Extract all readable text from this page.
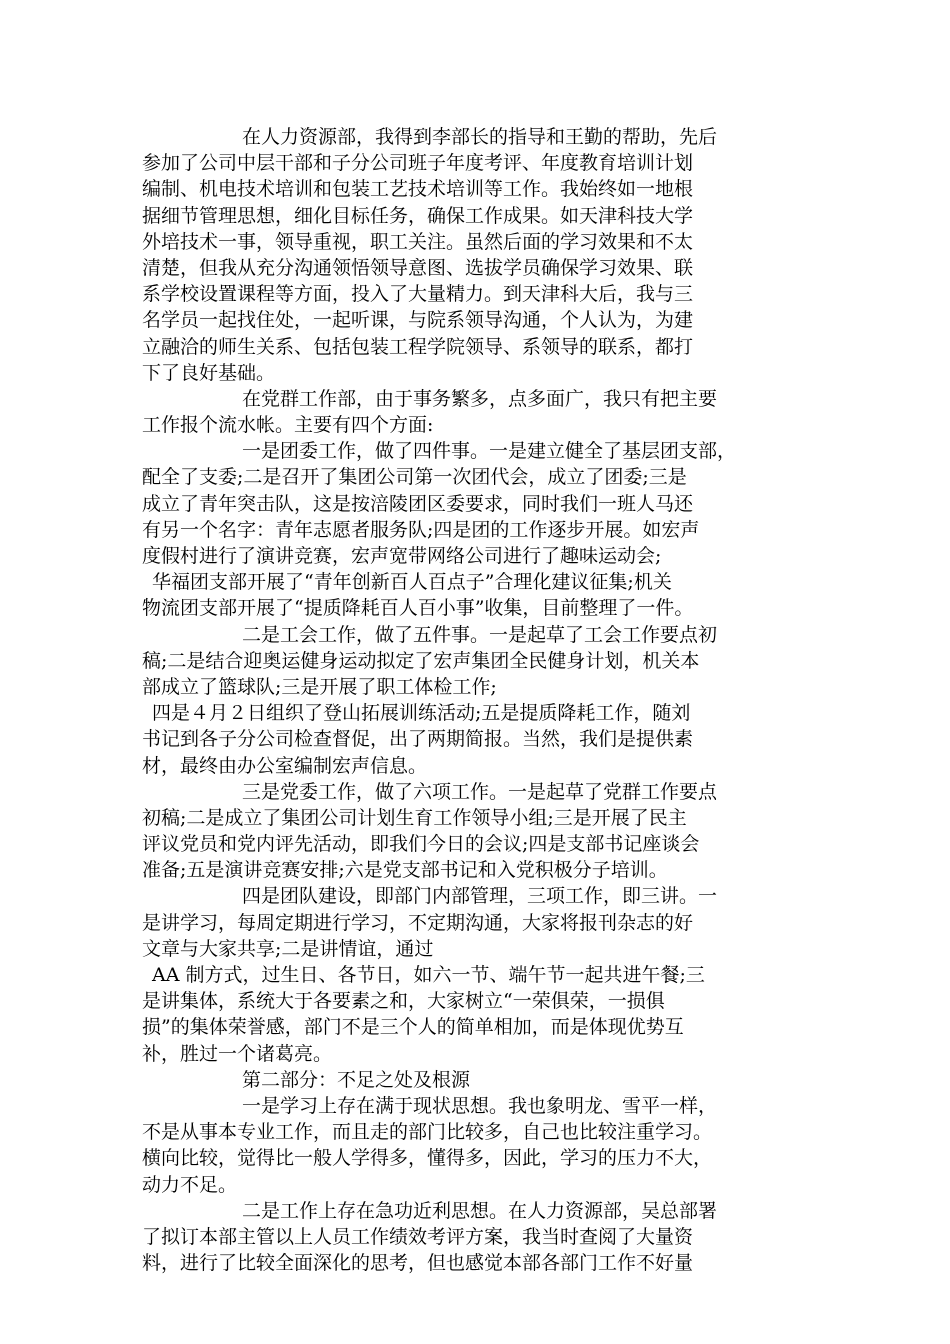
在人力资源部，我得到李部长的指导和王勤的帮助，先后
参加了公司中层干部和子分公司班子年度考评、年度教育培训计划
编制、机电技术培训和包装工艺技术培训等工作。我始终如一地根
据细节管理思想，细化目标任务，确保工作成果。如天津科技大学
外培技术一事，领导重视，职工关注。虽然后面的学习效果和不太
清楚，但我从充分沟通领悟领导意图、选拔学员确保学习效果、联
系学校设置课程等方面，投入了大量精力。到天津科大后，我与三
名学员一起找住处，一起听课，与院系领导沟通，个人认为，为建
立融洽的师生关系、包括包装工程学院领导、系领导的联系，都打
下了良好基础。
在党群工作部，由于事务繁多，点多面广，我只有把主要
工作报个流水帐。主要有四个方面:
一是团委工作，做了四件事。一是建立健全了基层团支部，
配全了支委;二是召开了集团公司第一次团代会，成立了团委;三是
成立了青年突击队，这是按涪陵团区委要求，同时我们一班人马还
有另一个名字：青年志愿者服务队;四是团的工作逐步开展。如宏声
度假村进行了演讲竞赛，宏声宽带网络公司进行了趣味运动会;
华福团支部开展了“青年创新百人百点子”合理化建议征集;机关
物流团支部开展了“提质降耗百人百小事”收集，目前整理了一件。
二是工会工作，做了五件事。一是起草了工会工作要点初
稿;二是结合迎奥运健身运动拟定了宏声集团全民健身计划，机关本
部成立了篮球队;三是开展了职工体检工作;
四是４月２日组织了登山拓展训练活动;五是提质降耗工作，随刘
书记到各子分公司检查督促，出了两期简报。当然，我们是提供素
材，最终由办公室编制宏声信息。
三是党委工作，做了六项工作。一是起草了党群工作要点
初稿;二是成立了集团公司计划生育工作领导小组;三是开展了民主
评议党员和党内评先活动，即我们今日的会议;四是支部书记座谈会
准备;五是演讲竞赛安排;六是党支部书记和入党积极分子培训。
四是团队建设，即部门内部管理，三项工作，即三讲。一
是讲学习，每周定期进行学习，不定期沟通，大家将报刊杂志的好
文章与大家共享;二是讲情谊，通过
AA 制方式，过生日、各节日，如六一节、端午节一起共进午餐;三
是讲集体，系统大于各要素之和，大家树立“一荣俱荣，一损俱
损”的集体荣誉感，部门不是三个人的简单相加，而是体现优势互
补，胜过一个诸葛亮。
第二部分：不足之处及根源
一是学习上存在满于现状思想。我也象明龙、雪平一样，
不是从事本专业工作，而且走的部门比较多，自己也比较注重学习。
横向比较，觉得比一般人学得多，懂得多，因此，学习的压力不大，
动力不足。
二是工作上存在急功近利思想。在人力资源部，吴总部署
了拟订本部主管以上人员工作绩效考评方案，我当时查阅了大量资
料，进行了比较全面深化的思考，但也感觉本部各部门工作不好量
